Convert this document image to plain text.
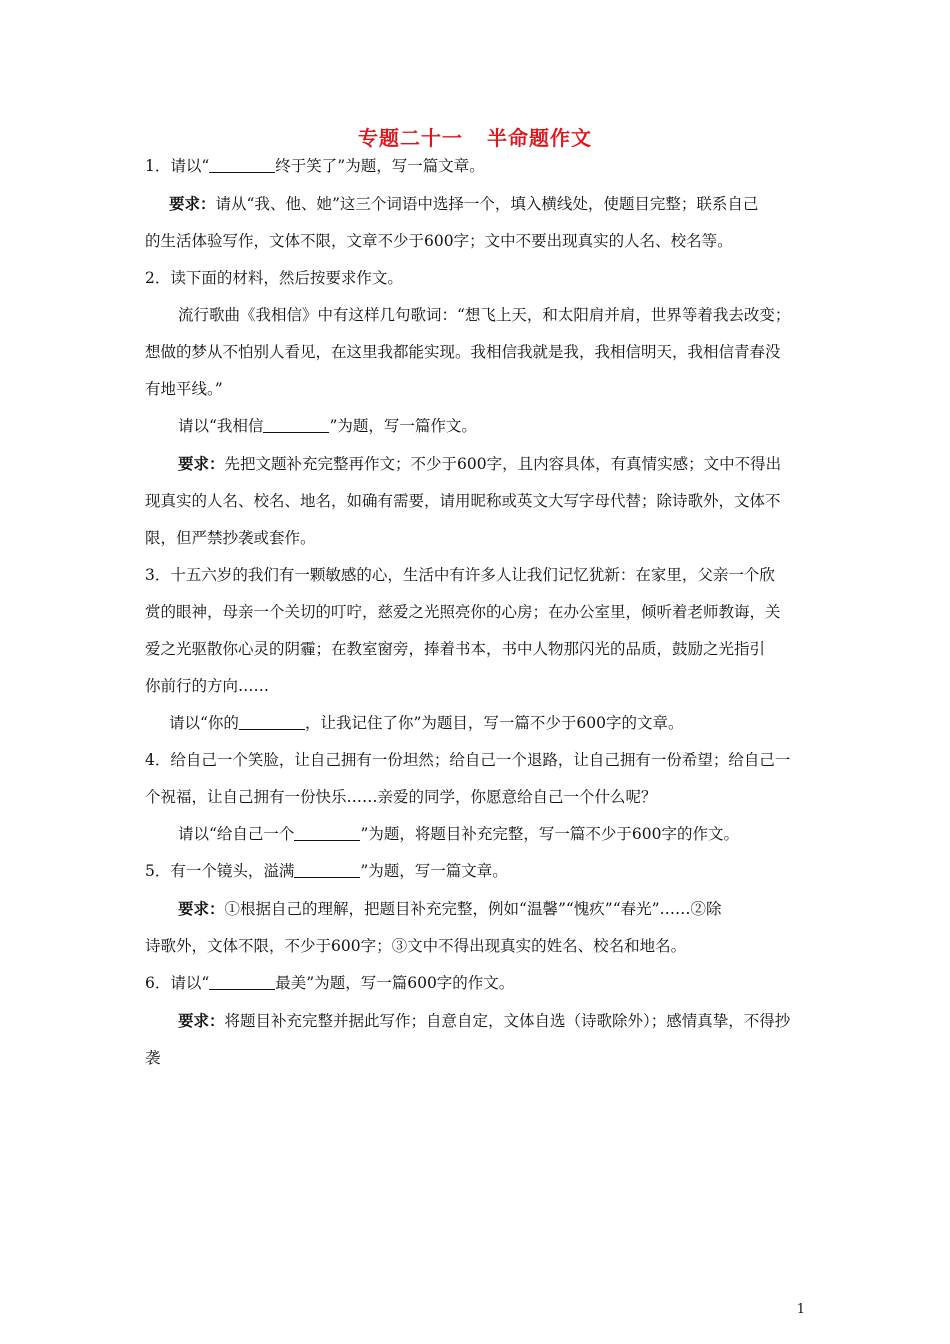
专题二十一 半命题作文
1．请以“	终于笑了”为题，写一篇文章。
要求：请从“我、他、她”这三个词语中选择一个，填入横线处，使题目完整；联系自己
的生活体验写作，文体不限，文章不少于600字；文中不要出现真实的人名、校名等。
2．读下面的材料，然后按要求作文。
流行歌曲《我相信》中有这样几句歌词：“想飞上天，和太阳肩并肩，世界等着我去改变；
想做的梦从不怕别人看见，在这里我都能实现。我相信我就是我，我相信明天，我相信青春没
有地平线。”
请以“我相信	”为题，写一篇作文。
要求：先把文题补充完整再作文；不少于600字，且内容具体，有真情实感；文中不得出
现真实的人名、校名、地名，如确有需要，请用昵称或英文大写字母代替；除诗歌外，文体不
限，但严禁抄袭或套作。
3．十五六岁的我们有一颗敏感的心，生活中有许多人让我们记忆犹新：在家里，父亲一个欣
赏的眼神，母亲一个关切的叮咛，慈爱之光照亮你的心房；在办公室里，倾听着老师教诲，关
爱之光驱散你心灵的阴霾；在教室窗旁，捧着书本，书中人物那闪光的品质，鼓励之光指引
你前行的方向……
请以“你的	，让我记住了你”为题目，写一篇不少于600字的文章。
4．给自己一个笑脸，让自己拥有一份坦然；给自己一个退路，让自己拥有一份希望；给自己一
个祝福，让自己拥有一份快乐……亲爱的同学，你愿意给自己一个什么呢？
请以“给自己一个	”为题，将题目补充完整，写一篇不少于600字的作文。
5．有一个镜头，溢满	”为题，写一篇文章。
要求：①根据自己的理解，把题目补充完整，例如“温馨”“愧疚”“春光”……②除
诗歌外，文体不限，不少于600字；③文中不得出现真实的姓名、校名和地名。
6．请以“	最美”为题，写一篇600字的作文。
要求：将题目补充完整并据此写作；自意自定，文体自选（诗歌除外）；感情真挚，不得抄
袭
1
